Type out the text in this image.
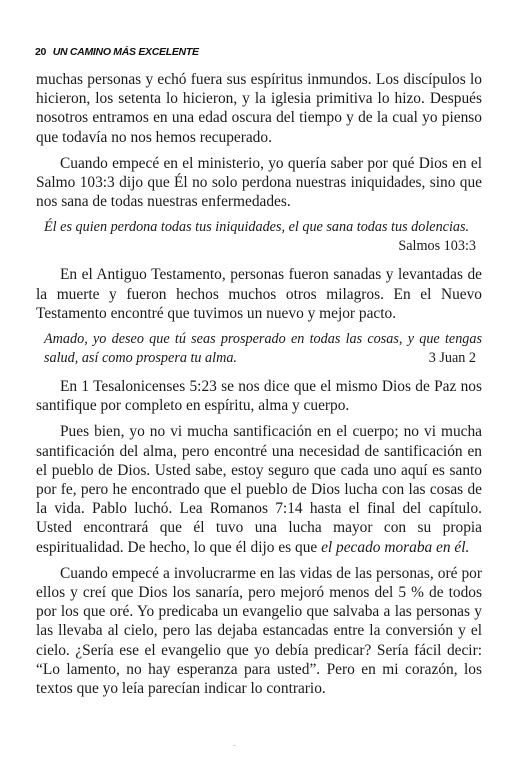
20 UN CAMINO MÁS EXCELENTE

muchas personas y echó fuera sus espíritus inmundos. Los discípulos lo hicieron, los setenta lo hicieron, y la iglesia primitiva lo hizo. Después nosotros entramos en una edad oscura del tiempo y de la cual yo pienso que todavía no nos hemos recuperado.

Cuando empecé en el ministerio, yo quería saber por qué Dios en el Salmo 103:3 dijo que Él no solo perdona nuestras iniquidades, sino que nos sana de todas nuestras enfermedades.

Él es quien perdona todas tus iniquidades, el que sana todas tus dolencias.
Salmos 103:3

En el Antiguo Testamento, personas fueron sanadas y levantadas de la muerte y fueron hechos muchos otros milagros. En el Nuevo Testamento encontré que tuvimos un nuevo y mejor pacto.

Amado, yo deseo que tú seas prosperado en todas las cosas, y que tengas salud, así como prospera tu alma.	3 Juan 2

En 1 Tesalonicenses 5:23 se nos dice que el mismo Dios de Paz nos santifique por completo en espíritu, alma y cuerpo.

Pues bien, yo no vi mucha santificación en el cuerpo; no vi mucha santificación del alma, pero encontré una necesidad de santificación en el pueblo de Dios. Usted sabe, estoy seguro que cada uno aquí es santo por fe, pero he encontrado que el pueblo de Dios lucha con las cosas de la vida. Pablo luchó. Lea Romanos 7:14 hasta el final del capítulo. Usted encontrará que él tuvo una lucha mayor con su propia espiritualidad. De hecho, lo que él dijo es que el pecado moraba en él.

Cuando empecé a involucrarme en las vidas de las personas, oré por ellos y creí que Dios los sanaría, pero mejoró menos del 5 % de todos por los que oré. Yo predicaba un evangelio que salvaba a las personas y las llevaba al cielo, pero las dejaba estancadas entre la conversión y el cielo. ¿Sería ese el evangelio que yo debía predicar? Sería fácil decir: “Lo lamento, no hay esperanza para usted”. Pero en mi corazón, los textos que yo leía parecían indicar lo contrario.
